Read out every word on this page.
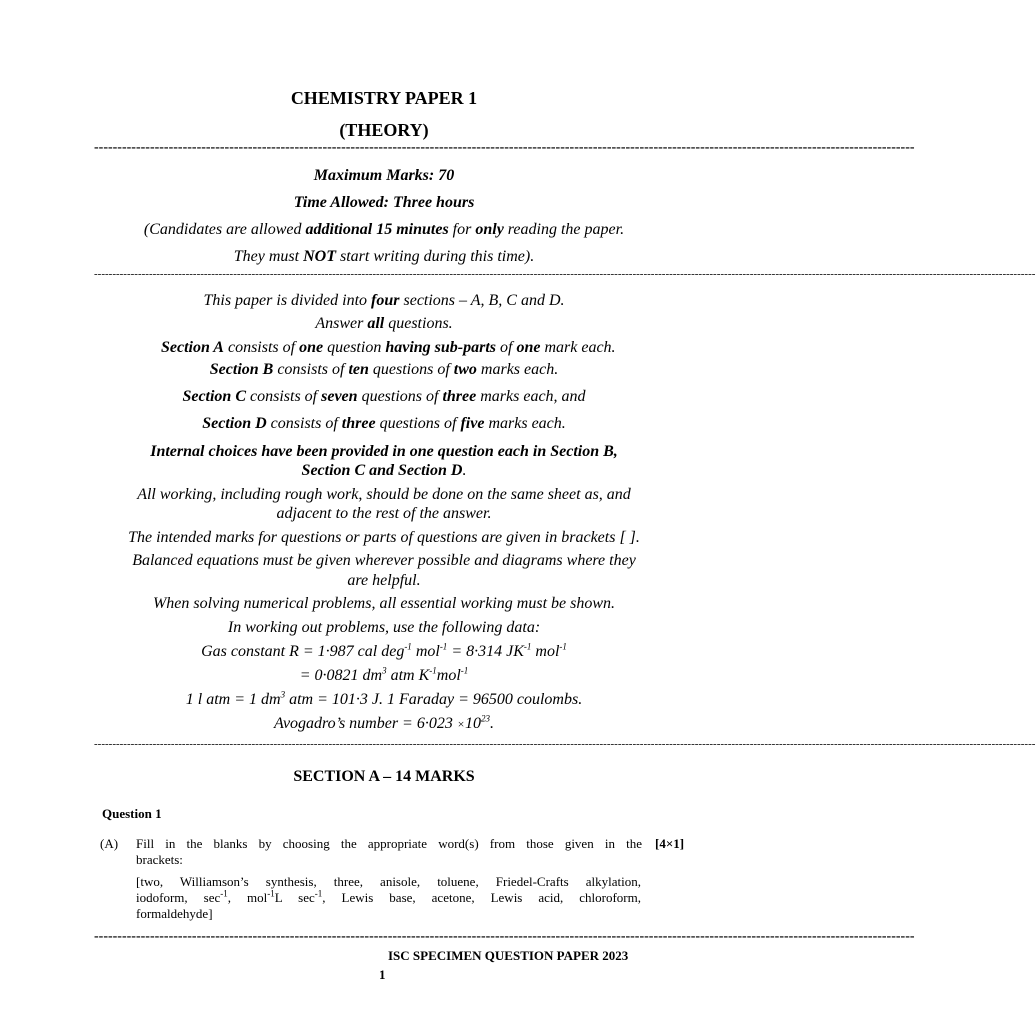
CHEMISTRY PAPER 1
(THEORY)
--------------------------------------------------------------------------------------------------------------------------------------------------------------------------------
Maximum Marks: 70
Time Allowed: Three hours
(Candidates are allowed additional 15 minutes for only reading the paper.
They must NOT start writing during this time).
-----------------------------------------------------------------------------------------------------------------------------------------------------------------------------------------------------------------------------------------------------------------
This paper is divided into four sections – A, B, C and D.
Answer all questions.
Section A consists of one question having sub-parts of one mark each.
Section B consists of ten questions of two marks each.
Section C consists of seven questions of three marks each, and
Section D consists of three questions of five marks each.
Internal choices have been provided in one question each in Section B,
Section C and Section D.
All working, including rough work, should be done on the same sheet as, and
adjacent to the rest of the answer.
The intended marks for questions or parts of questions are given in brackets [ ].
Balanced equations must be given wherever possible and diagrams where they
are helpful.
When solving numerical problems, all essential working must be shown.
In working out problems, use the following data:
Gas constant R = 1·987 cal deg$^{-1}$ mol$^{-1}$ = 8·314 $JK^{-1}$ mol$^{-1}$
= 0·0821 $dm^3$ atm $K^{-1}mol^{-1}$
1 l atm = 1 $dm^3$ atm = 101·3 J. 1 Faraday = 96500 coulombs.
Avogadro’s number = $6\cdot 023 \times 10^{23}$.
-----------------------------------------------------------------------------------------------------------------------------------------------------------------------------------------------------------------------------------------------------------------
SECTION A – 14 MARKS
Question 1
(A) Fill in the blanks by choosing the appropriate word(s) from those given in the
brackets:
[4×1]
[two, Williamson’s synthesis, three, anisole, toluene, Friedel-Crafts alkylation,
iodoform, $\sec^{-1}$, mol$^{-1}$L $\sec^{-1}$, Lewis base, acetone, Lewis acid, chloroform,
formaldehyde]
--------------------------------------------------------------------------------------------------------------------------------------------------------------------------------
ISC SPECIMEN QUESTION PAPER 2023
1
